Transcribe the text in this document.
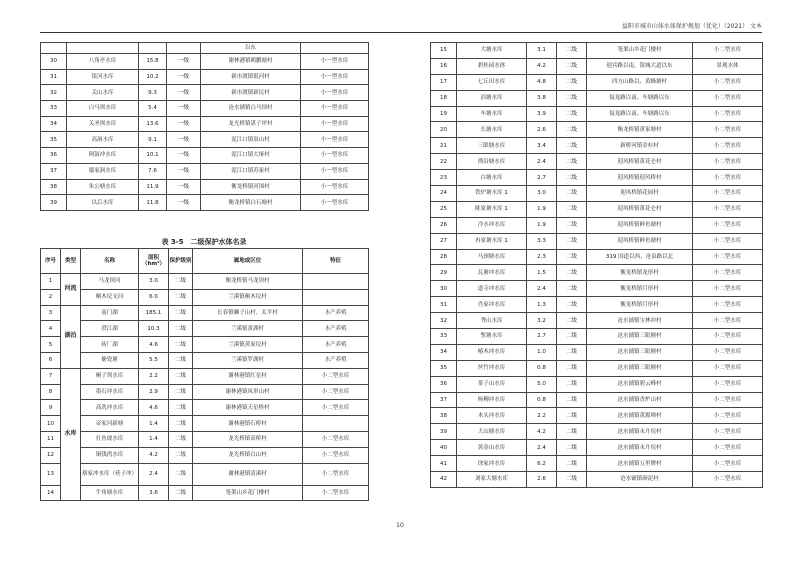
益阳市城市山体水体保护规划（优化）（2021） 文本
				以东	
30	八角亭水库	15.8	一级	谢林港镇鹤鹏塘村	小一型水库
31	银河水库	10.2	一级	新市渡镇银河村	小一型水库
32	关山水库	9.3	一级	新市渡镇新民村	小一型水库
33	白马坝水库	5.4	一级	沧水铺镇白马坝村	小一型水库
34	关圣坝水库	13.6	一级	龙光桥镇谌子坪村	小一型水库
35	高洞水库	9.1	一级	泥江口镇泉山村	小一型水库
36	阿鼓冲水库	10.1	一级	泥江口镇大垭村	小一型水库
37	鄢家洞水库	7.6	一级	泥江口镇苏家村	小一型水库
38	朱公塘水库	11.9	一级	衡龙桥镇河围村	小一型水库
39	以后水库	11.8	一级	衡龙桥镇白石塘村	小一型水库
表 3-5　二级保护水体名录
序号	类型	名称	面积（hm²）	保护级别	属地或区位	特征
1	河流	马龙坝河	3.0	二级	衡龙桥镇马龙坝村	
2		桐木垸支河	6.0	二级	兰溪镇桐木垸村	
3	湖泊	南门湖	185.1	二级	长春镇狮子山村、太平村	水产养殖
4		澄江湖	10.3	二级	兰溪镇黄湖村	水产养殖
5		砖厂湖	4.6	二级	兰溪镇黄家垸村	水产养殖
6		搪瓷塘	5.5	二级	兰溪镇罗湖村	水产养殖
7	水库	桐子坝水库	2.2	二级	谢林港镇红星村	小二型水库
8		墨石冲水库	2.9	二级	谢林港镇凤形山村	小二型水库
9		高洗冲水库	4.6	二级	谢林港镇天星桥村	小二型水库
10		帝家河新塘	1.4	二级	谢林港镇石桥村	
11		打鱼坡水库	1.4	二级	龙光桥镇高桥村	小二型水库
12		铜钱湾水库	4.2	二级	龙光桥镇白山村	小二型水库
13		蔡家冲水库（巷子冲）	2.4	二级	谢林港镇清溪村	小二型水库
14		牛角塘水库	3.6	二级	笔架山乡花门楼村	小二型水库
15	大塘水库	3.1	二级	笔架山乡花门楼村	小二型水库
16	碧桂园水体	4.2	二级	迎宾路以南，银城大道以东	景观水体
17	七丘田水库	4.8	二级	四方山路以、黄蜂塘村	小二型水库
18	涓塘水库	3.8	二级	接龙路以南、车塘路以东	小二型水库
19	车塘水库	3.9	二级	接龙路以南、车塘路以东	小二型水库
20	长塘水库	2.6	二级	衡龙桥镇黄家塘村	小二型水库
21	三眼塘水库	3.4	二级	新桥河镇金衫村	小二型水库
22	渔沿塘水库	2.4	二级	迎风桥镇黄花仑村	小二型水库
23	白塘水库	2.7	二级	迎风桥镇迎风桥村	小二型水库
24	铁炉塘水库 1	3.0	二级	迎风桥镇花园村	小二型水库
25	陈家塘水库 1	1.9	二级	迎风桥镇黄花仑村	小二型水库
26	冷水冲水库	1.9	二级	迎风桥镇鲜鱼塘村	小二型水库
27	冉家塘水库 1	3.3	二级	迎风桥镇鲜鱼塘村	小二型水库
28	马颈塘水库	2.3	二级	319 国道以西、沧泉路以北	小二型水库
29	瓦塘冲水库	1.5	二级	衡龙桥镇龙形村	小二型水库
30	道寺冲水库	2.4	二级	衡龙桥镇月形村	小二型水库
31	肖家冲水库	1.3	二级	衡龙桥镇月形村	小二型水库
32	秀山水库	3.2	二级	沧水铺镇宝林冲村	小二型水库
33	堑塘水库	2.7	二级	沧水铺镇三眼塘村	小二型水库
34	椿木冲水库	1.0	二级	沧水铺镇三眼塘村	小二型水库
35	丝竹冲水库	0.8	二级	沧水铺镇三眼塘村	小二型水库
36	茶子山水库	5.0	二级	沧水铺镇碧云峰村	小二型水库
37	杨柳冲水库	0.8	二级	沧水铺镇香炉山村	小二型水库
38	木头冲水库	2.2	二级	沧水铺镇黄源坳村	小二型水库
39	大山塘水库	4.2	二级	沧水铺镇永升垸村	小二型水库
40	黄金山水库	2.4	二级	沧水铺镇永升垸村	小二型水库
41	徐家冲水库	6.2	二级	沧水铺镇五里牌村	小二型水库
42	刘家大塘水库	2.6	二级	沧水铺镇颜泥村	小二型水库
10
